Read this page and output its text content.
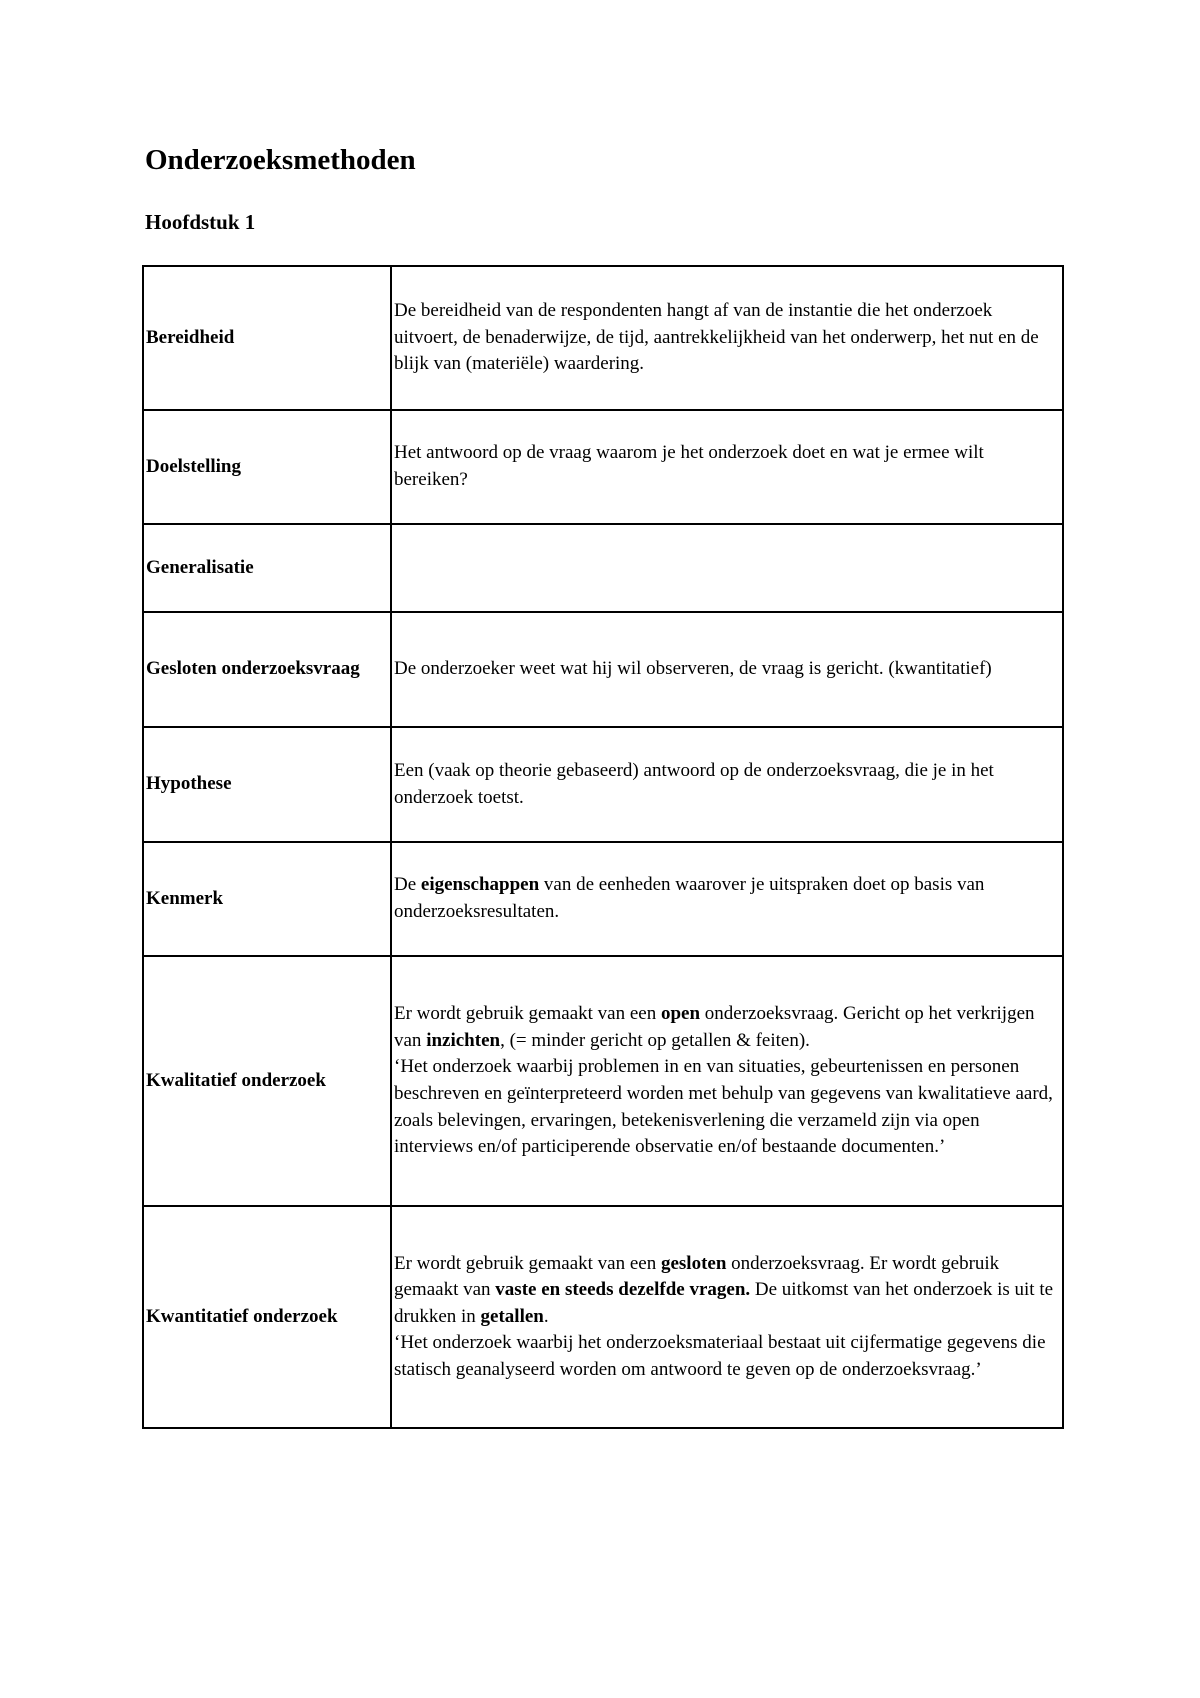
Onderzoeksmethoden
Hoofdstuk 1
Bereidheid	De bereidheid van de respondenten hangt af van de instantie die het onderzoek uitvoert, de benaderwijze, de tijd, aantrekkelijkheid van het onderwerp, het nut en de blijk van (materiële) waardering.

Doelstelling	Het antwoord op de vraag waarom je het onderzoek doet en wat je ermee wilt bereiken?

Generalisatie	
Gesloten onderzoeksvraag	De onderzoeker weet wat hij wil observeren, de vraag is gericht. (kwantitatief)

Hypothese	Een (vaak op theorie gebaseerd) antwoord op de onderzoeksvraag, die je in het onderzoek toetst.

Kenmerk	De eigenschappen van de eenheden waarover je uitspraken doet op basis van onderzoeksresultaten.

Kwalitatief onderzoek	Er wordt gebruik gemaakt van een open onderzoeksvraag. Gericht op het verkrijgen van inzichten, (= minder gericht op getallen & feiten).
‘Het onderzoek waarbij problemen in en van situaties, gebeurtenissen en personen beschreven en geïnterpreteerd worden met behulp van gegevens van kwalitatieve aard, zoals belevingen, ervaringen, betekenisverlening die verzameld zijn via open interviews en/of participerende observatie en/of bestaande documenten.’

Kwantitatief onderzoek	Er wordt gebruik gemaakt van een gesloten onderzoeksvraag. Er wordt gebruik gemaakt van vaste en steeds dezelfde vragen. De uitkomst van het onderzoek is uit te drukken in getallen.
‘Het onderzoek waarbij het onderzoeksmateriaal bestaat uit cijfermatige gegevens die statisch geanalyseerd worden om antwoord te geven op de onderzoeksvraag.’
